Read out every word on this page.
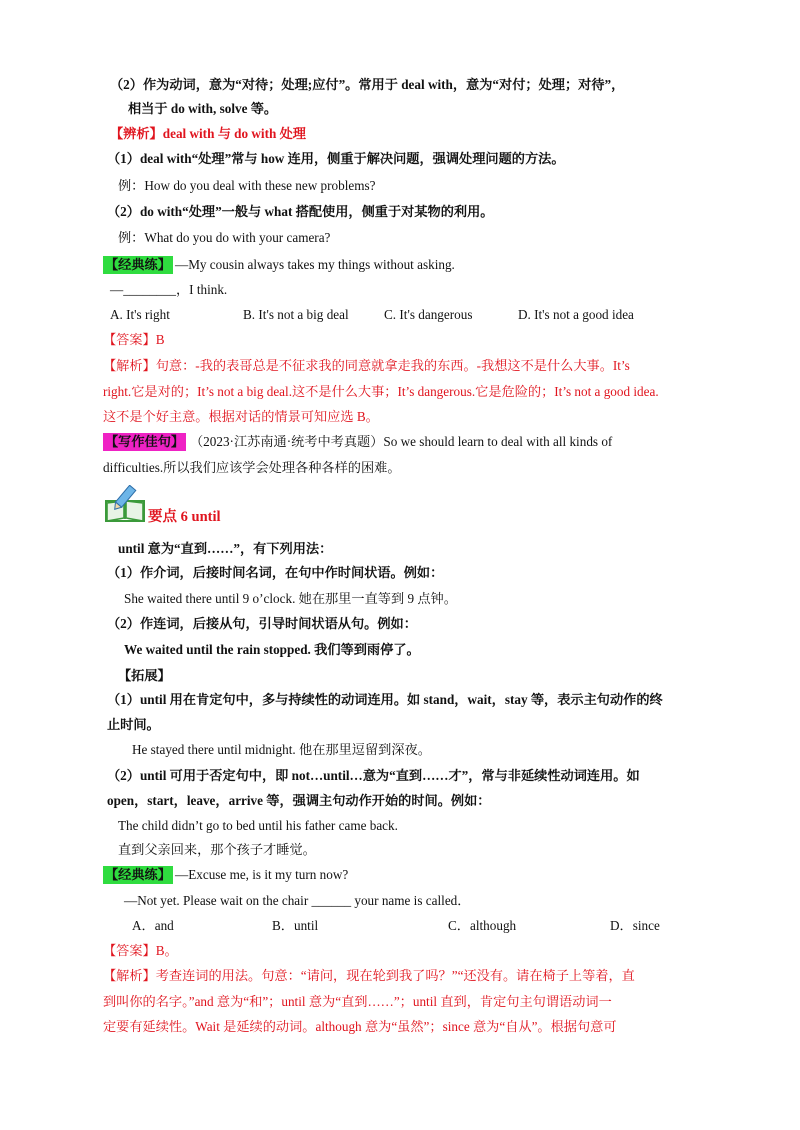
（2）作为动词，意为“对待；处理;应付”。常用于 deal with，意为“对付；处理；对待”，
相当于 do with, solve 等。
【辨析】deal with 与 do with 处理
（1）deal with“处理”常与 how 连用，侧重于解决问题，强调处理问题的方法。
例：How do you deal with these new problems?
（2）do with“处理”一般与 what 搭配使用，侧重于对某物的利用。
例：What do you do with your camera?
【经典练】 —My cousin always takes my things without asking.
—________，I think.
A. It's right	B. It's not a big deal	C. It's dangerous	D. It's not a good idea
【答案】B
【解析】句意：-我的表哥总是不征求我的同意就拿走我的东西。-我想这不是什么大事。It’s
right.它是对的；It’s not a big deal.这不是什么大事；It’s dangerous.它是危险的；It’s not a good idea.
这不是个好主意。根据对话的情景可知应选 B。
【写作佳句】 （2023·江苏南通·统考中考真题）So we should learn to deal with all kinds of
difficulties.所以我们应该学会处理各种各样的困难。
要点 6 until
until 意为“直到……”，有下列用法：
（1）作介词，后接时间名词，在句中作时间状语。例如：
She waited there until 9 o’clock. 她在那里一直等到 9 点钟。
（2）作连词，后接从句，引导时间状语从句。例如：
We waited until the rain stopped. 我们等到雨停了。
【拓展】
（1）until 用在肯定句中，多与持续性的动词连用。如 stand，wait，stay 等，表示主句动作的终
止时间。
He stayed there until midnight. 他在那里逗留到深夜。
（2）until 可用于否定句中，即 not…until…意为“直到……才”，常与非延续性动词连用。如
open，start，leave，arrive 等，强调主句动作开始的时间。例如：
The child didn’t go to bed until his father came back.
直到父亲回来，那个孩子才睡觉。
【经典练】 —Excuse me, is it my turn now?
—Not yet. Please wait on the chair ______ your name is called．
A．and	B．until	C．although	D．since
【答案】B。
【解析】考查连词的用法。句意：“请问，现在轮到我了吗？”“还没有。请在椅子上等着，直
到叫你的名字。”and 意为“和”；until 意为“直到……”；until 直到，肯定句主句谓语动词一
定要有延续性。Wait 是延续的动词。although 意为“虽然”；since 意为“自从”。根据句意可
